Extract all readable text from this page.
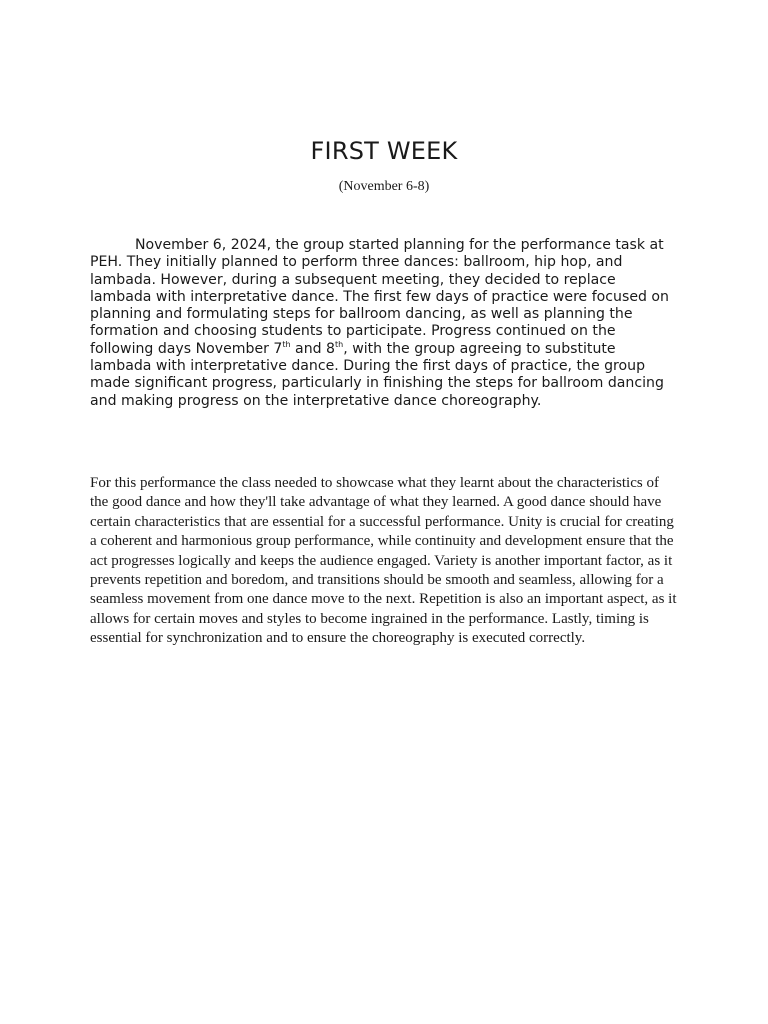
FIRST WEEK

(November 6-8)

November 6, 2024, the group started planning for the performance task at PEH. They initially planned to perform three dances: ballroom, hip hop, and lambada. However, during a subsequent meeting, they decided to replace lambada with interpretative dance. The first few days of practice were focused on planning and formulating steps for ballroom dancing, as well as planning the formation and choosing students to participate. Progress continued on the following days November 7th and 8th, with the group agreeing to substitute lambada with interpretative dance. During the first days of practice, the group made significant progress, particularly in finishing the steps for ballroom dancing and making progress on the interpretative dance choreography.

For this performance the class needed to showcase what they learnt about the characteristics of the good dance and how they'll take advantage of what they learned. A good dance should have certain characteristics that are essential for a successful performance. Unity is crucial for creating a coherent and harmonious group performance, while continuity and development ensure that the act progresses logically and keeps the audience engaged. Variety is another important factor, as it prevents repetition and boredom, and transitions should be smooth and seamless, allowing for a seamless movement from one dance move to the next. Repetition is also an important aspect, as it allows for certain moves and styles to become ingrained in the performance. Lastly, timing is essential for synchronization and to ensure the choreography is executed correctly.
